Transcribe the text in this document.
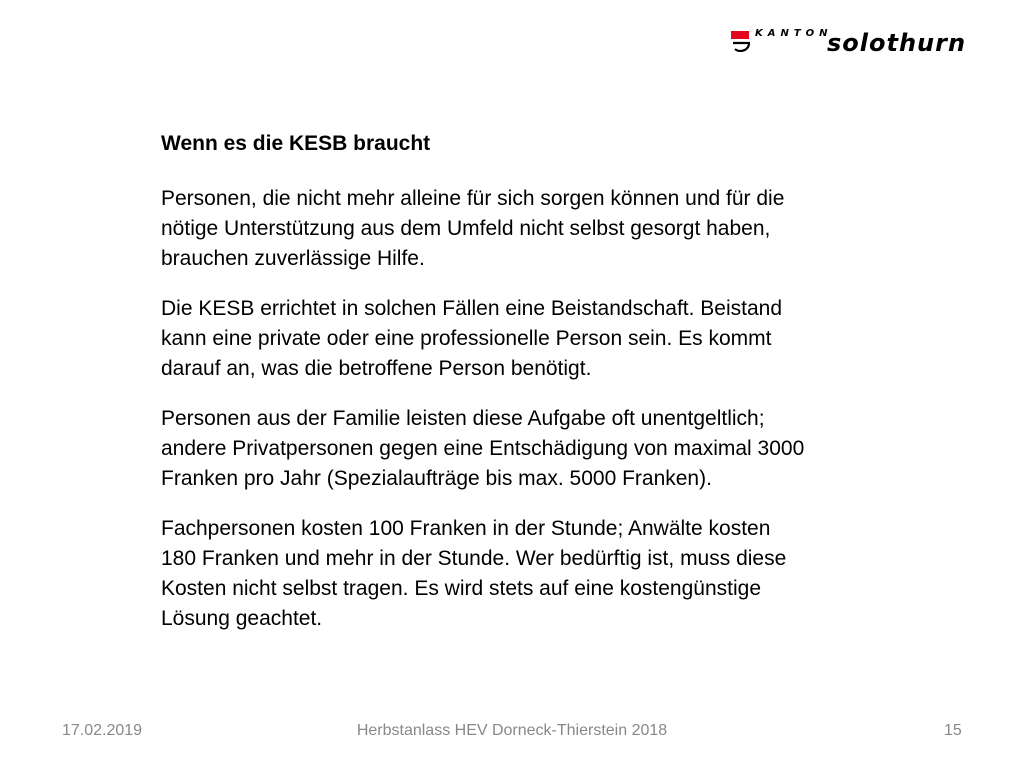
KANTON
solothurn
Wenn es die KESB braucht
Personen, die nicht mehr alleine für sich sorgen können und für die
nötige Unterstützung aus dem Umfeld nicht selbst gesorgt haben,
brauchen zuverlässige Hilfe.
Die KESB errichtet in solchen Fällen eine Beistandschaft. Beistand
kann eine private oder eine professionelle Person sein. Es kommt
darauf an, was die betroffene Person benötigt.
Personen aus der Familie leisten diese Aufgabe oft unentgeltlich;
andere Privatpersonen gegen eine Entschädigung von maximal 3000
Franken pro Jahr (Spezialaufträge bis max. 5000 Franken).
Fachpersonen kosten 100 Franken in der Stunde; Anwälte kosten
180 Franken und mehr in der Stunde. Wer bedürftig ist, muss diese
Kosten nicht selbst tragen. Es wird stets auf eine kostengünstige
Lösung geachtet.
17.02.2019	Herbstanlass HEV Dorneck-Thierstein 2018	15
